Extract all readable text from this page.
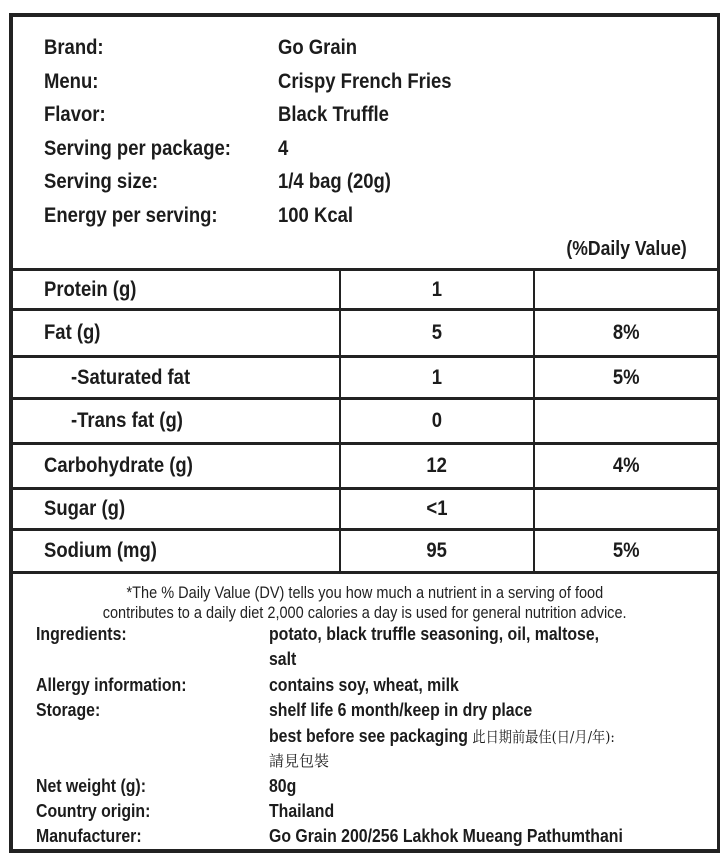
Brand:	Go Grain
Menu:	Crispy French Fries
Flavor:	Black Truffle
Serving per package: 4
Serving size:	1/4 bag (20g)
Energy per serving:	100 Kcal
(%Daily Value)
Protein (g)	1
Fat (g)	5	8%
-Saturated fat	1	5%
-Trans fat (g)	0
Carbohydrate (g)	12	4%
Sugar (g)	<1
Sodium (mg)	95	5%
*The % Daily Value (DV) tells you how much a nutrient in a serving of food
contributes to a daily diet 2,000 calories a day is used for general nutrition advice.
Ingredients:	potato, black truffle seasoning, oil, maltose,
salt
Allergy information:	contains soy, wheat, milk
Storage:	shelf life 6 month/keep in dry place
best before see packaging 此日期前最佳(日/月/年):
請見包裝
Net weight (g):	80g
Country origin:	Thailand
Manufacturer:	Go Grain 200/256 Lakhok Mueang Pathumthani
